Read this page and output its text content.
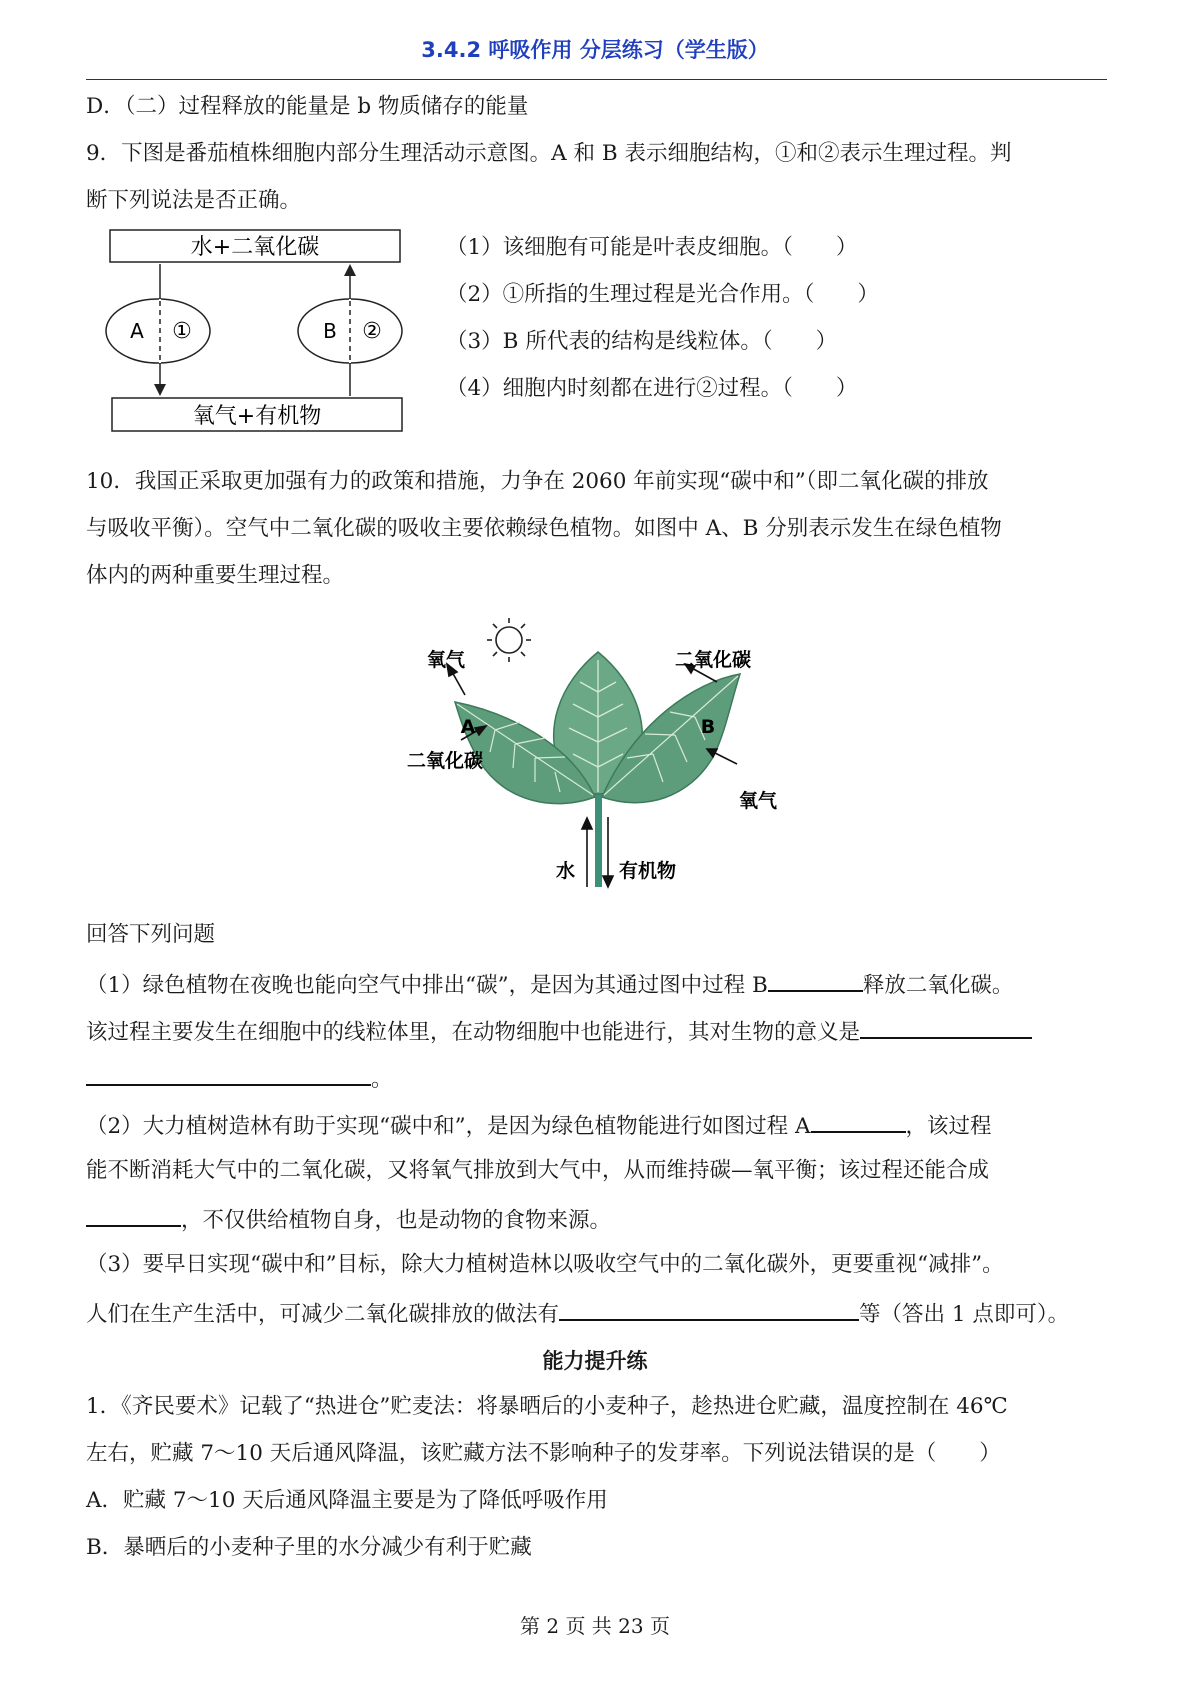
3.4.2 呼吸作用 分层练习（学生版）
D．（二）过程释放的能量是 b 物质储存的能量
9．下图是番茄植株细胞内部分生理活动示意图。A 和 B 表示细胞结构，①和②表示生理过程。判
断下列说法是否正确。
水+二氧化碳
氧气+有机物
A ①	B ②
（1）该细胞有可能是叶表皮细胞。（　　）
（2）①所指的生理过程是光合作用。（　　）
（3）B 所代表的结构是线粒体。（　　）
（4）细胞内时刻都在进行②过程。（　　）
10．我国正采取更加强有力的政策和措施，力争在 2060 年前实现“碳中和”（即二氧化碳的排放
与吸收平衡）。空气中二氧化碳的吸收主要依赖绿色植物。如图中 A、B 分别表示发生在绿色植物
体内的两种重要生理过程。
氧气	二氧化碳
A	B
二氧化碳
氧气
水 有机物
回答下列问题
（1）绿色植物在夜晚也能向空气中排出“碳”，是因为其通过图中过程 B	释放二氧化碳。
该过程主要发生在细胞中的线粒体里，在动物细胞中也能进行，其对生物的意义是
。
（2）大力植树造林有助于实现“碳中和”，是因为绿色植物能进行如图过程 A	，该过程
能不断消耗大气中的二氧化碳，又将氧气排放到大气中，从而维持碳—氧平衡；该过程还能合成
，不仅供给植物自身，也是动物的食物来源。
（3）要早日实现“碳中和”目标，除大力植树造林以吸收空气中的二氧化碳外，更要重视“减排”。
人们在生产生活中，可减少二氧化碳排放的做法有	等（答出 1 点即可）。
能力提升练
1．《齐民要术》记载了“热进仓”贮麦法：将暴晒后的小麦种子，趁热进仓贮藏，温度控制在 46℃
左右，贮藏 7～10 天后通风降温，该贮藏方法不影响种子的发芽率。下列说法错误的是（　　）
A．贮藏 7～10 天后通风降温主要是为了降低呼吸作用
B．暴晒后的小麦种子里的水分减少有利于贮藏
第 2 页 共 23 页
